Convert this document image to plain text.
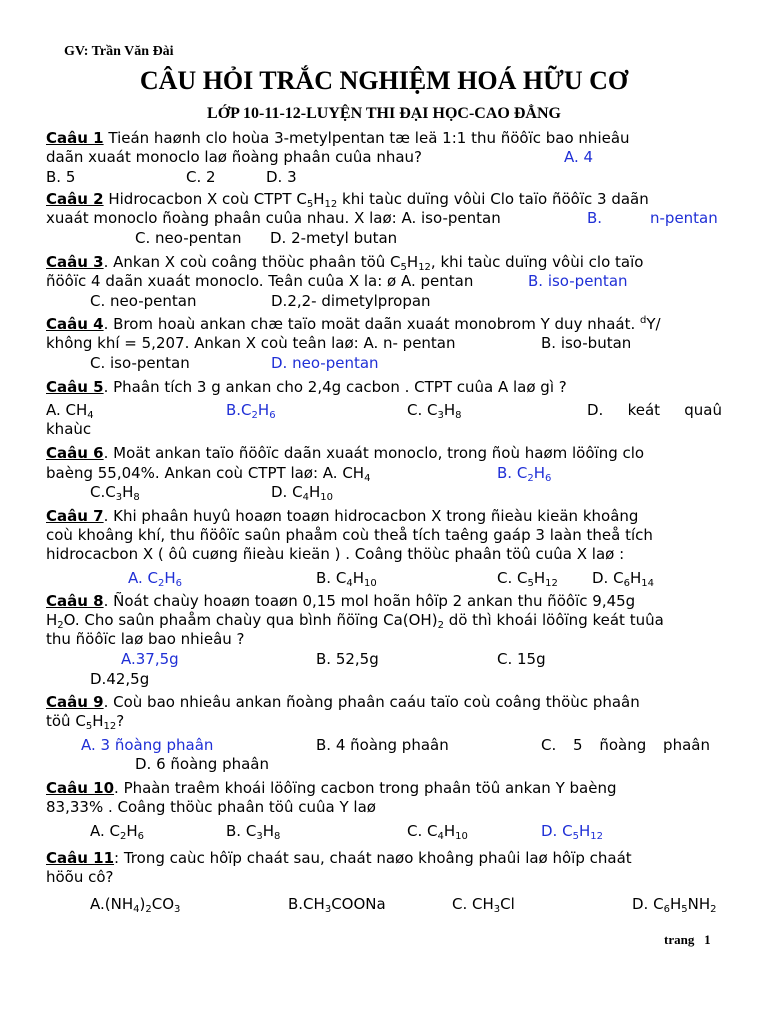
GV: Trần Văn Đài
CÂU HỎI TRẮC NGHIỆM HOÁ HỮU CƠ
LỚP 10-11-12-LUYỆN THI ĐẠI HỌC-CAO ĐẲNG
Caâu 1 Tieán haønh clo hoùa 3-metylpentan tæ leä 1:1 thu ñöôïc bao nhieâu
daãn xuaát monoclo laø ñoàng phaân cuûa nhau?	A. 4
B. 5	C. 2	D. 3
Caâu 2 Hidrocacbon X coù CTPT $C_5H_{12}$ khi taùc duïng vôùi Clo taïo ñöôïc 3 daãn
xuaát monoclo ñoàng phaân cuûa nhau. X laø: A. iso-pentan	B.	n-pentan
C. neo-pentan D. 2-metyl butan
Caâu 3. Ankan X coù coâng thöùc phaân töû $C_5H_{12}$, khi taùc duïng vôùi clo taïo
ñöôïc 4 daãn xuaát monoclo. Teân cuûa X la: ø A. pentan	B. iso-pentan
C. neo-pentan	D.2,2- dimetylpropan
Caâu 4. Brom hoaù ankan chæ taïo moät daãn xuaát monobrom Y duy nhaát. $^d$Y/
không khí = 5,207. Ankan X coù teân laø: A. n- pentan	B. iso-butan
C. iso-pentan	D. neo-pentan
Caâu 5. Phaân tích 3 g ankan cho 2,4g cacbon . CTPT cuûa A laø gì ?
A. $CH_4$	$B.C_2H_6$	C. $C_3H_8$	D. keát quaû
khaùc
Caâu 6. Moät ankan taïo ñöôïc daãn xuaát monoclo, trong ñoù haøm löôïng clo
baèng 55,04%. Ankan coù CTPT laø: A. $CH_4$	B. $C_2H_6$
$C.C_3H_8$	D. $C_4H_{10}$
Caâu 7. Khi phaân huyû hoaøn toaøn hidrocacbon X trong ñieàu kieän khoâng
coù khoâng khí, thu ñöôïc saûn phaåm coù theå tích taêng gaáp 3 laàn theå tích
hidrocacbon X ( ôû cuøng ñieàu kieän ) . Coâng thöùc phaân töû cuûa X laø :
A. $C_2H_6$	B. $C_4H_{10}$	C. $C_5H_{12}$ D. $C_6H_{14}$
Caâu 8. Ñoát chaùy hoaøn toaøn 0,15 mol hoãn hôïp 2 ankan thu ñöôïc 9,45g
$H_2O$. Cho saûn phaåm chaùy qua bình ñöïng $Ca(OH)_2$ dö thì khoái löôïng keát tuûa
thu ñöôïc laø bao nhieâu ?
A.37,5g	B. 52,5g	C. 15g
D.42,5g
Caâu 9. Coù bao nhieâu ankan ñoàng phaân caáu taïo coù coâng thöùc phaân
töû $C_5H_{12}$?
A. 3 ñoàng phaân	B. 4 ñoàng phaân	C. 5 ñoàng phaân
D. 6 ñoàng phaân
Caâu 10. Phaàn traêm khoái löôïng cacbon trong phaân töû ankan Y baèng
83,33% . Coâng thöùc phaân töû cuûa Y laø
A. $C_2H_6$	B. $C_3H_8$	C. $C_4H_{10}$	D. $C_5H_{12}$
Caâu 11: Trong caùc hôïp chaát sau, chaát naøo khoâng phaûi laø hôïp chaát
höõu cô?
$A.(NH_4)_2CO_3$	$B.CH_3COONa$	C. $CH_3Cl$	D. $C_6H_5NH_2$
trang 1
